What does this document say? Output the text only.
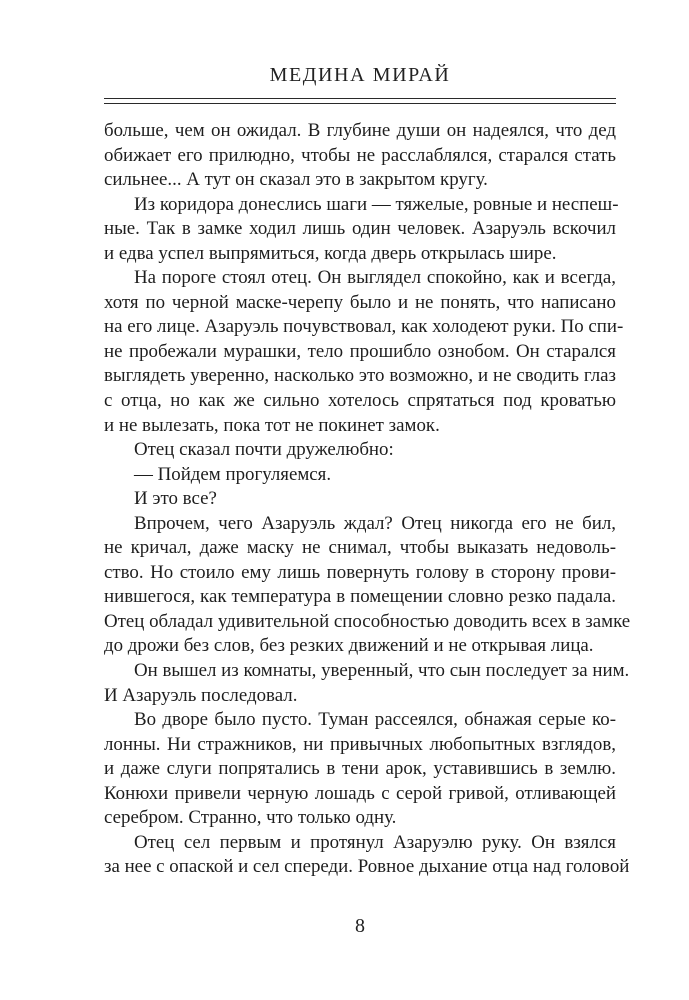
МЕДИНА МИРАЙ
больше, чем он ожидал. В глубине души он надеялся, что дед
обижает его прилюдно, чтобы не расслаблялся, старался стать
сильнее... А тут он сказал это в закрытом кругу.
Из коридора донеслись шаги — тяжелые, ровные и неспеш-
ные. Так в замке ходил лишь один человек. Азаруэль вскочил
и едва успел выпрямиться, когда дверь открылась шире.
На пороге стоял отец. Он выглядел спокойно, как и всегда,
хотя по черной маске-черепу было и не понять, что написано
на его лице. Азаруэль почувствовал, как холодеют руки. По спи-
не пробежали мурашки, тело прошибло ознобом. Он старался
выглядеть уверенно, насколько это возможно, и не сводить глаз
с отца, но как же сильно хотелось спрятаться под кроватью
и не вылезать, пока тот не покинет замок.
Отец сказал почти дружелюбно:
— Пойдем прогуляемся.
И это все?
Впрочем, чего Азаруэль ждал? Отец никогда его не бил,
не кричал, даже маску не снимал, чтобы выказать недоволь-
ство. Но стоило ему лишь повернуть голову в сторону прови-
нившегося, как температура в помещении словно резко падала.
Отец обладал удивительной способностью доводить всех в замке
до дрожи без слов, без резких движений и не открывая лица.
Он вышел из комнаты, уверенный, что сын последует за ним.
И Азаруэль последовал.
Во дворе было пусто. Туман рассеялся, обнажая серые ко-
лонны. Ни стражников, ни привычных любопытных взглядов,
и даже слуги попрятались в тени арок, уставившись в землю.
Конюхи привели черную лошадь с серой гривой, отливающей
серебром. Странно, что только одну.
Отец сел первым и протянул Азаруэлю руку. Он взялся
за нее с опаской и сел спереди. Ровное дыхание отца над головой
8
